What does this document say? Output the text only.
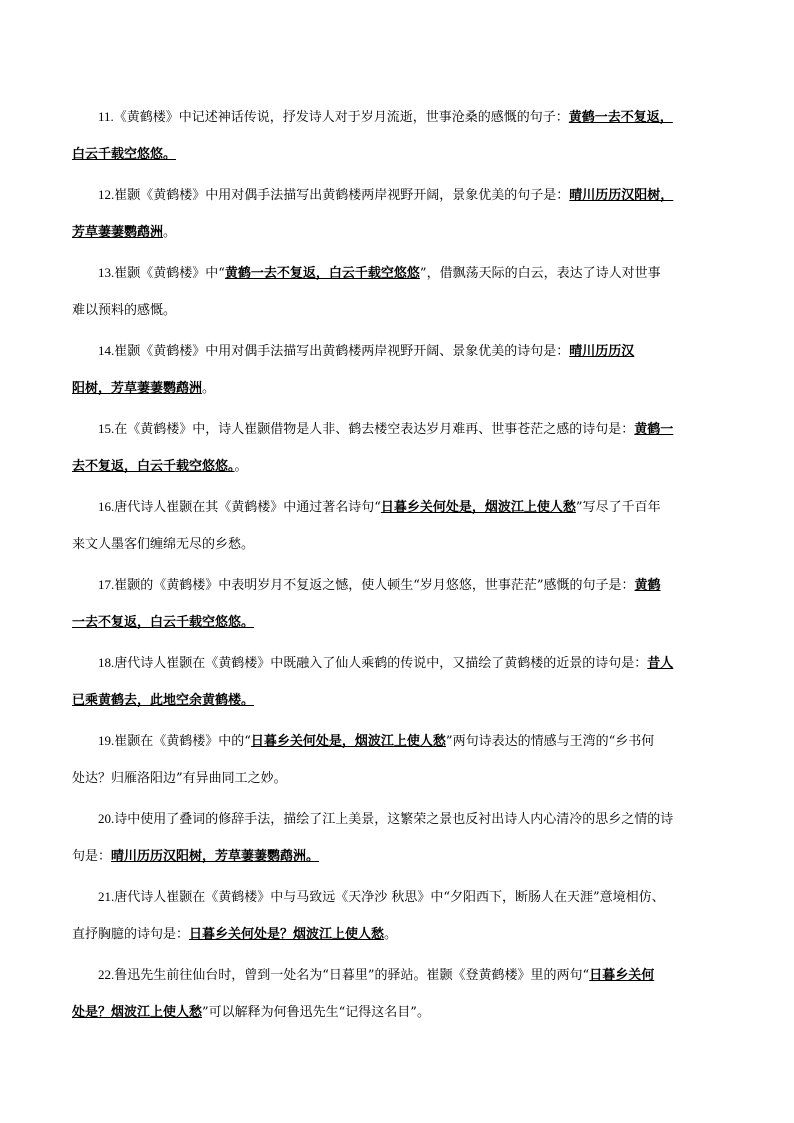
11.《黄鹤楼》中记述神话传说，抒发诗人对于岁月流逝，世事沧桑的感慨的句子：黄鹤一去不复返，
白云千载空悠悠。
12.崔颢《黄鹤楼》中用对偶手法描写出黄鹤楼两岸视野开阔，景象优美的句子是：晴川历历汉阳树，
芳草萋萋鹦鹉洲。
13.崔颢《黄鹤楼》中“黄鹤一去不复返，白云千载空悠悠”，借飘荡天际的白云，表达了诗人对世事
难以预料的感慨。
14.崔颢《黄鹤楼》中用对偶手法描写出黄鹤楼两岸视野开阔、景象优美的诗句是：晴川历历汉
阳树，芳草萋萋鹦鹉洲。
15.在《黄鹤楼》中，诗人崔颢借物是人非、鹤去楼空表达岁月难再、世事苍茫之感的诗句是：黄鹤一
去不复返，白云千载空悠悠。。
16.唐代诗人崔颢在其《黄鹤楼》中通过著名诗句“日暮乡关何处是，烟波江上使人愁”写尽了千百年
来文人墨客们缠绵无尽的乡愁。
17.崔颢的《黄鹤楼》中表明岁月不复返之憾，使人顿生“岁月悠悠，世事茫茫”感慨的句子是：黄鹤
一去不复返，白云千载空悠悠。
18.唐代诗人崔颢在《黄鹤楼》中既融入了仙人乘鹤的传说中，又描绘了黄鹤楼的近景的诗句是：昔人
已乘黄鹤去，此地空余黄鹤楼。
19.崔颢在《黄鹤楼》中的“日暮乡关何处是，烟波江上使人愁”两句诗表达的情感与王湾的“乡书何
处达？归雁洛阳边”有异曲同工之妙。
20.诗中使用了叠词的修辞手法，描绘了江上美景，这繁荣之景也反衬出诗人内心清冷的思乡之情的诗
句是：晴川历历汉阳树，芳草萋萋鹦鹉洲。
21.唐代诗人崔颢在《黄鹤楼》中与马致远《天净沙 秋思》中“夕阳西下，断肠人在天涯”意境相仿、
直抒胸臆的诗句是：日暮乡关何处是？烟波江上使人愁。
22.鲁迅先生前往仙台时，曾到一处名为“日暮里”的驿站。崔颢《登黄鹤楼》里的两句“日暮乡关何
处是？烟波江上使人愁”可以解释为何鲁迅先生“记得这名目”。
